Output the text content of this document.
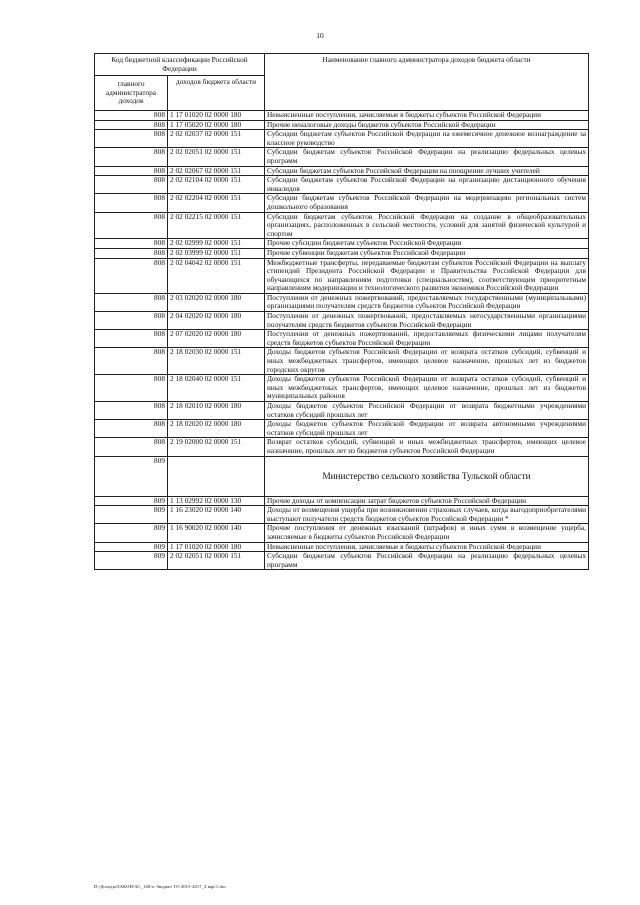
10
Код бюджетной классификации Российской Федерации		Наименование главного администратора доходов бюджета области
главного администратора доходов	доходов бюджета области	
808	1 17 01020 02 0000 180	Невыясненные поступления, зачисляемые в бюджеты субъектов Российской Федерации
808	1 17 05020 02 0000 180	Прочие неналоговые доходы бюджетов субъектов Российской Федерации
808	2 02 02037 02 0000 151	Субсидии бюджетам субъектов Российской Федерации на ежемесячное денежное вознаграждение за классное руководство
808	2 02 02051 02 0000 151	Субсидии бюджетам субъектов Российской Федерации на реализацию федеральных целевых программ
808	2 02 02067 02 0000 151	Субсидии бюджетам субъектов Российской Федерации на поощрение лучших учителей
808	2 02 02104 02 0000 151	Субсидии бюджетам субъектов Российской Федерации на организацию дистанционного обучения инвалидов
808	2 02 02204 02 0000 151	Субсидии бюджетам субъектов Российской Федерации на модернизацию региональных систем дошкольного образования
808	2 02 02215 02 0000 151	Субсидии бюджетам субъектов Российской Федерации на создание в общеобразовательных организациях, расположенных в сельской местности, условий для занятий физической культурой и спортом
808	2 02 02999 02 0000 151	Прочие субсидии бюджетам субъектов Российской Федерации
808	2 02 03999 02 0000 151	Прочие субвенции бюджетам субъектов Российской Федерации
808	2 02 04042 02 0000 151	Межбюджетные трансферты, передаваемые бюджетам субъектов Российской Федерации на выплату стипендий Президента Российской Федерации и Правительства Российской Федерации для обучающихся по направлениям подготовки (специальностям), соответствующим приоритетным направлениям модернизации и технологического развития экономики Российской Федерации
808	2 03 02020 02 0000 180	Поступления от денежных пожертвований, предоставляемых государственными (муниципальными) организациями получателям средств бюджетов субъектов Российской Федерации
808	2 04 02020 02 0000 180	Поступления от денежных пожертвований, предоставляемых негосударственными организациями получателям средств бюджетов субъектов Российской Федерации
808	2 07 02020 02 0000 180	Поступления от денежных пожертвований, предоставляемых физическими лицами получателям средств бюджетов субъектов Российской Федерации
808	2 18 02030 02 0000 151	Доходы бюджетов субъектов Российской Федерации от возврата остатков субсидий, субвенций и иных межбюджетных трансфертов, имеющих целевое назначение, прошлых лет из бюджетов городских округов
808	2 18 02040 02 0000 151	Доходы бюджетов субъектов Российской Федерации от возврата остатков субсидий, субвенций и иных межбюджетных трансфертов, имеющих целевое назначение, прошлых лет из бюджетов муниципальных районов
808	2 18 02010 02 0000 180	Доходы бюджетов субъектов Российской Федерации от возврата бюджетными учреждениями остатков субсидий прошлых лет
808	2 18 02020 02 0000 180	Доходы бюджетов субъектов Российской Федерации от возврата автономными учреждениями остатков субсидий прошлых лет
808	2 19 02000 02 0000 151	Возврат остатков субсидий, субвенций и иных межбюджетных трансфертов, имеющих целевое назначение, прошлых лет из бюджетов субъектов Российской Федерации
809		Министерство сельского хозяйства Тульской области
809	1 13 02992 02 0000 130	Прочие доходы от компенсации затрат бюджетов субъектов Российской Федерации
809	1 16 23020 02 0000 140	Доходы от возмещения ущерба при возникновении страховых случаев, когда выгодоприобретателями выступают получатели средств бюджетов субъектов Российской Федерации *
809	1 16 90020 02 0000 140	Прочие поступления от денежных взысканий (штрафов) и иных сумм в возмещение ущерба, зачисляемые в бюджеты субъектов Российской Федерации
809	1 17 01020 02 0000 180	Невыясненные поступления, зачисляемые в бюджеты субъектов Российской Федерации
809	2 02 02051 02 0000 151	Субсидии бюджетам субъектов Российской Федерации на реализацию федеральных целевых программ
D:\Доходы\ЗАКОН\АС_140\ч. бюджет ТО 2015-2017_2 вар\1.doc
